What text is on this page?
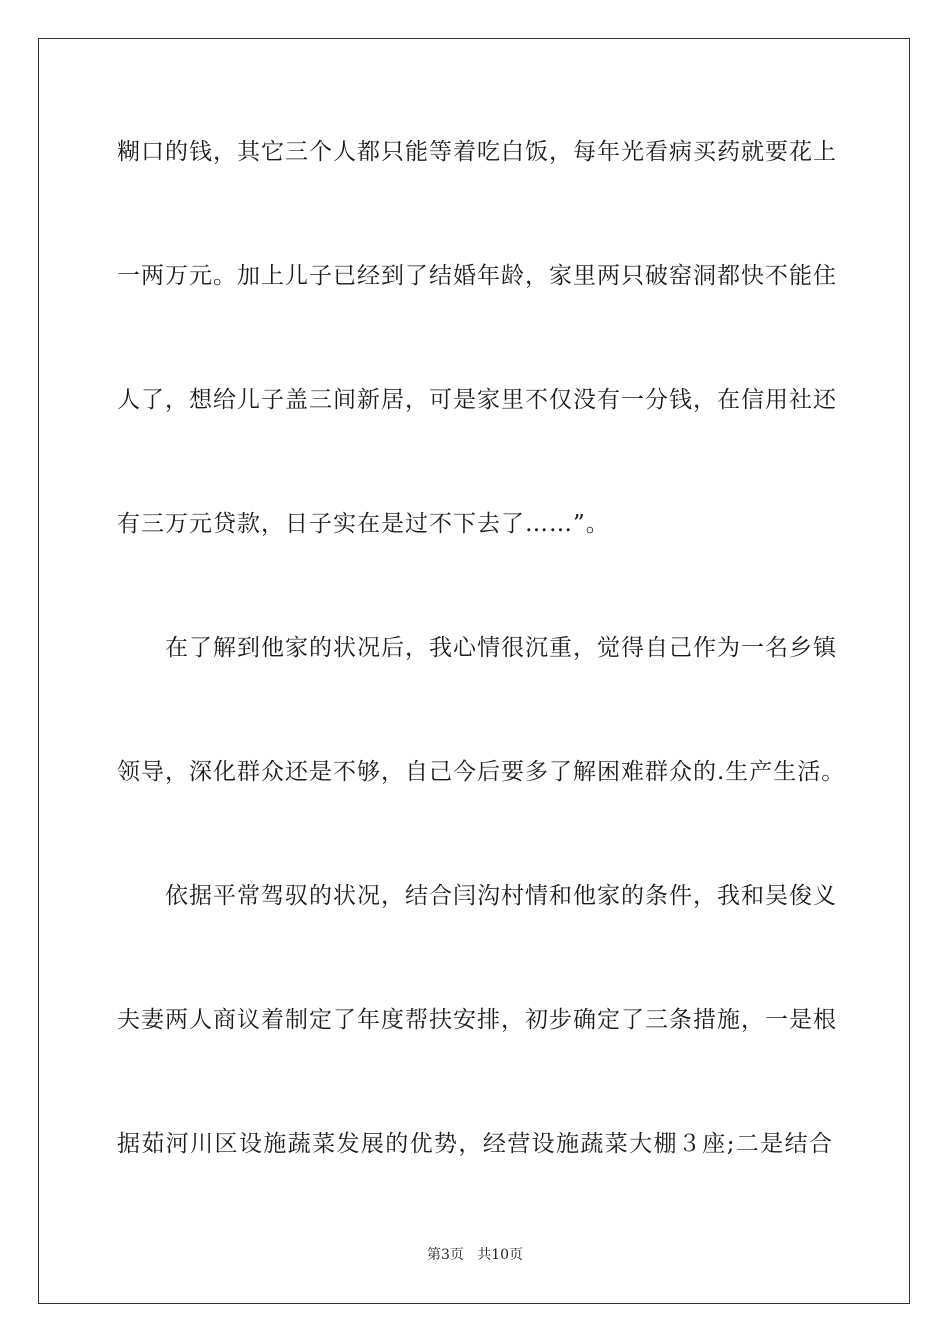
糊口的钱，其它三个人都只能等着吃白饭，每年光看病买药就要花上
一两万元。加上儿子已经到了结婚年龄，家里两只破窑洞都快不能住
人了，想给儿子盖三间新居，可是家里不仅没有一分钱，在信用社还
有三万元贷款，日子实在是过不下去了……”。
在了解到他家的状况后，我心情很沉重，觉得自己作为一名乡镇
领导，深化群众还是不够，自己今后要多了解困难群众的.生产生活。
依据平常驾驭的状况，结合闫沟村情和他家的条件，我和吴俊义
夫妻两人商议着制定了年度帮扶安排，初步确定了三条措施，一是根
据茹河川区设施蔬菜发展的优势，经营设施蔬菜大棚３座;二是结合
第3页   共10页
